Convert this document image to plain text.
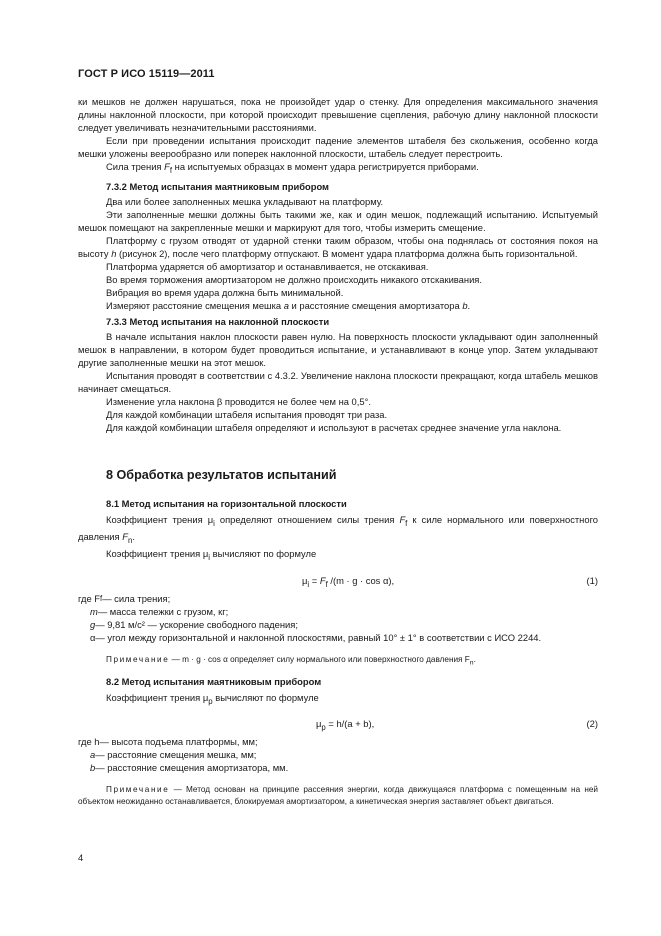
ГОСТ Р ИСО 15119—2011

ки мешков не должен нарушаться, пока не произойдет удар о стенку. Для определения максимального значения длины наклонной плоскости, при которой происходит превышение сцепления, рабочую длину наклонной плоскости следует увеличивать незначительными расстояниями.

Если при проведении испытания происходит падение элементов штабеля без скольжения, особенно когда мешки уложены веерообразно или поперек наклонной плоскости, штабель следует перестроить.

Сила трения $F_f$ на испытуемых образцах в момент удара регистрируется приборами.

7.3.2 Метод испытания маятниковым прибором

Два или более заполненных мешка укладывают на платформу.

Эти заполненные мешки должны быть такими же, как и один мешок, подлежащий испытанию. Испытуемый мешок помещают на закрепленные мешки и маркируют для того, чтобы измерить смещение.

Платформу с грузом отводят от ударной стенки таким образом, чтобы она поднялась от состояния покоя на высоту h (рисунок 2), после чего платформу отпускают. В момент удара платформа должна быть горизонтальной.

Платформа ударяется об амортизатор и останавливается, не отскакивая.

Во время торможения амортизатором не должно происходить никакого отскакивания.

Вибрация во время удара должна быть минимальной.

Измеряют расстояние смещения мешка a и расстояние смещения амортизатора b.

7.3.3 Метод испытания на наклонной плоскости

В начале испытания наклон плоскости равен нулю. На поверхность плоскости укладывают один заполненный мешок в направлении, в котором будет проводиться испытание, и устанавливают в конце упор. Затем укладывают другие заполненные мешки на этот мешок.

Испытания проводят в соответствии с 4.3.2. Увеличение наклона плоскости прекращают, когда штабель мешков начинает смещаться.

Изменение угла наклона β проводится не более чем на 0,5°.

Для каждой комбинации штабеля испытания проводят три раза.

Для каждой комбинации штабеля определяют и используют в расчетах среднее значение угла наклона.

8 Обработка результатов испытаний
8.1 Метод испытания на горизонтальной плоскости

Коэффициент трения $\mu_i$ определяют отношением силы трения $F_f$ к силе нормального или поверхностного давления $F_n$.

Коэффициент трения $\mu_i$ вычисляют по формуле

$\mu_i = F_f$ /(m · g · cos α),	(1)
где F f — сила трения;
m — масса тележки с грузом, кг;
g — 9,81 м/с² — ускорение свободного падения;
α — угол между горизонтальной и наклонной плоскостями, равный 10° ± 1° в соответствии с ИСО 2244.

Примечание — m · g · cos α определяет силу нормального или поверхностного давления $F_n$.

8.2 Метод испытания маятниковым прибором

Коэффициент трения $\mu_p$ вычисляют по формуле

$\mu_p = h/(a + b)$,	(2)
где h — высота подъема платформы, мм;
a — расстояние смещения мешка, мм;
b — расстояние смещения амортизатора, мм.

Примечание — Метод основан на принципе рассеяния энергии, когда движущаяся платформа с помещенным на ней объектом неожиданно останавливается, блокируемая амортизатором, а кинетическая энергия заставляет объект двигаться.

4
